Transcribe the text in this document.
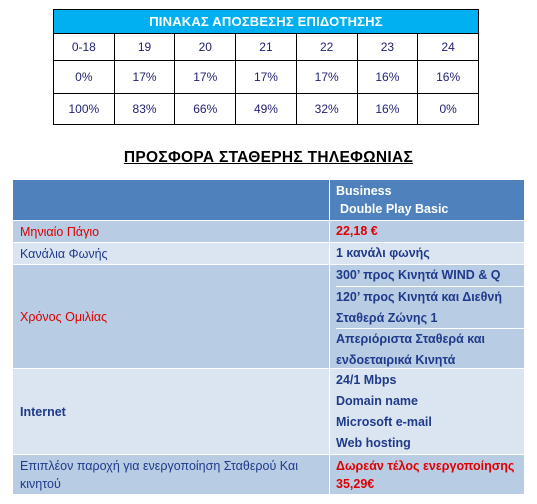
ΠΙΝΑΚΑΣ ΑΠΟΣΒΕΣΗΣ ΕΠΙΔΟΤΗΣΗΣ						
0-18	19	20	21	22	23	24
0%	17%	17%	17%	17%	16%	16%
100%	83%	66%	49%	32%	16%	0%
ΠΡΟΣΦΟΡΑ ΣΤΑΘΕΡΗΣ ΤΗΛΕΦΩΝΙΑΣ

	Business
Double Play Basic

Μηνιαίο Πάγιο	22,18 €
Κανάλια Φωνής	1 κανάλι φωνής
Χρόνος Ομιλίας	300’ προς Κινητά WIND & Q
120’ προς Κινητά και Διεθνή Σταθερά Ζώνης 1
Απεριόριστα Σταθερά και ενδοεταιρικά Κινητά

Internet	24/1 Mbps
Domain name
Microsoft e-mail
Web hosting

Επιπλέον παροχή για ενεργοποίηση Σταθερού Και κινητού	Δωρεάν τέλος ενεργοποίησης
35,29€
